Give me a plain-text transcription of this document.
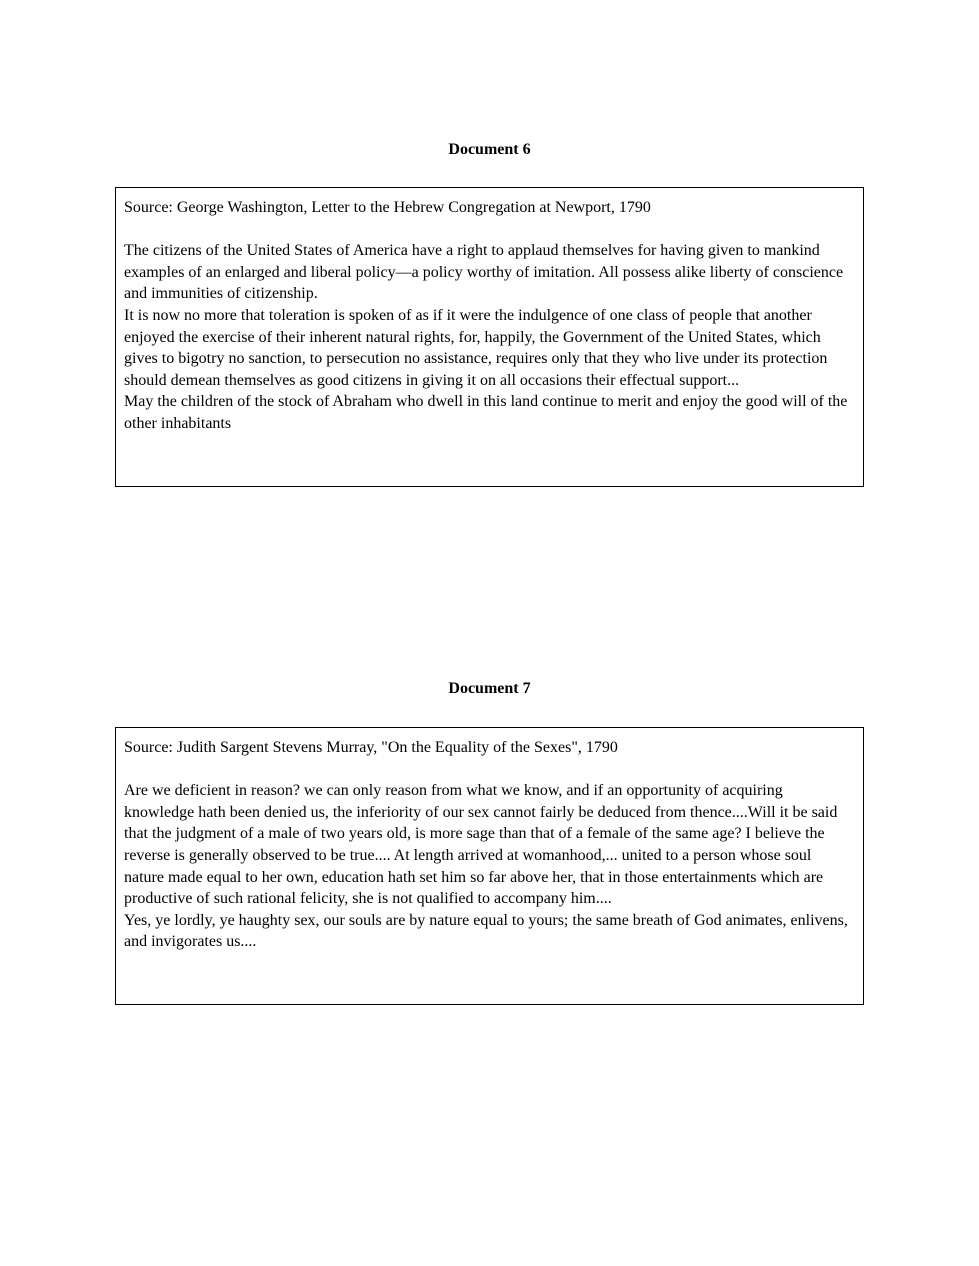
Document 6

Source: George Washington, Letter to the Hebrew Congregation at Newport, 1790

The citizens of the United States of America have a right to applaud themselves for having given to mankind examples of an enlarged and liberal policy—a policy worthy of imitation. All possess alike liberty of conscience and immunities of citizenship.

It is now no more that toleration is spoken of as if it were the indulgence of one class of people that another enjoyed the exercise of their inherent natural rights, for, happily, the Government of the United States, which gives to bigotry no sanction, to persecution no assistance, requires only that they who live under its protection should demean themselves as good citizens in giving it on all occasions their effectual support...

May the children of the stock of Abraham who dwell in this land continue to merit and enjoy the good will of the other inhabitants

Document 7

Source: Judith Sargent Stevens Murray, "On the Equality of the Sexes", 1790

Are we deficient in reason? we can only reason from what we know, and if an opportunity of acquiring knowledge hath been denied us, the inferiority of our sex cannot fairly be deduced from thence....Will it be said that the judgment of a male of two years old, is more sage than that of a female of the same age? I believe the reverse is generally observed to be true.... At length arrived at womanhood,... united to a person whose soul nature made equal to her own, education hath set him so far above her, that in those entertainments which are productive of such rational felicity, she is not qualified to accompany him....

Yes, ye lordly, ye haughty sex, our souls are by nature equal to yours; the same breath of God animates, enlivens, and invigorates us....
